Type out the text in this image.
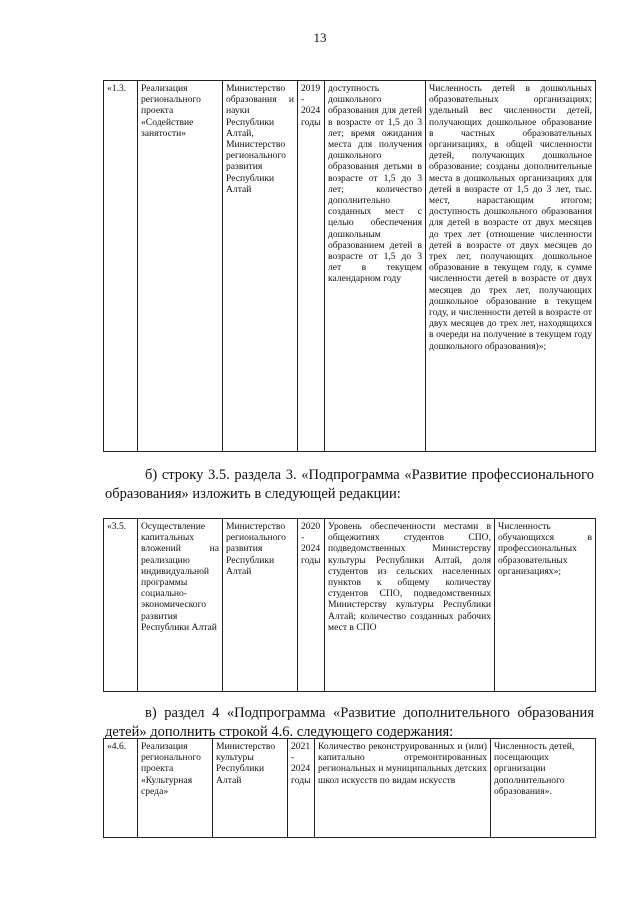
13
«1.3.	Реализация регионального проекта «Содействие занятости»	Министерство образования и науки Республики Алтай, Министерство регионального развития Республики Алтай	2019 - 2024 годы	доступность дошкольного образования для детей в возрасте от 1,5 до 3 лет; время ожидания места для получения дошкольного образования детьми в возрасте от 1,5 до 3 лет; количество дополнительно созданных мест с целью обеспечения дошкольным образованием детей в возрасте от 1,5 до 3 лет в текущем календарном году	Численность детей в дошкольных образовательных организациях; удельный вес численности детей, получающих дошкольное образование в частных образовательных организациях, в общей численности детей, получающих дошкольное образование; созданы дополнительные места в дошкольных организациях для детей в возрасте от 1,5 до 3 лет, тыс. мест, нарастающим итогом; доступность дошкольного образования для детей в возрасте от двух месяцев до трех лет (отношение численности детей в возрасте от двух месяцев до трех лет, получающих дошкольное образование в текущем году, к сумме численности детей в возрасте от двух месяцев до трех лет, получающих дошкольное образование в текущем году, и численности детей в возрасте от двух месяцев до трех лет, находящихся в очереди на получение в текущем году дошкольного образования)»;
б) строку 3.5. раздела 3. «Подпрограмма «Развитие профессионального образования» изложить в следующей редакции:
«3.5.	Осуществление капитальных вложений на реализацию индивидуальной программы социально-экономического развития Республики Алтай	Министерство регионального развития Республики Алтай	2020 - 2024 годы	Уровень обеспеченности местами в общежитиях студентов СПО, подведомственных Министерству культуры Республики Алтай, доля студентов из сельских населенных пунктов к общему количеству студентов СПО, подведомственных Министерству культуры Республики Алтай; количество созданных рабочих мест в СПО	Численность обучающихся в профессиональных образовательных организациях»;
в) раздел 4 «Подпрограмма «Развитие дополнительного образования детей» дополнить строкой 4.6. следующего содержания:
«4.6.	Реализация регионального проекта «Культурная среда»	Министерство культуры Республики Алтай	2021 - 2024 годы	Количество реконструированных и (или) капитально отремонтированных региональных и муниципальных детских школ искусств по видам искусств	Численность детей, посещающих организации дополнительного образования».
